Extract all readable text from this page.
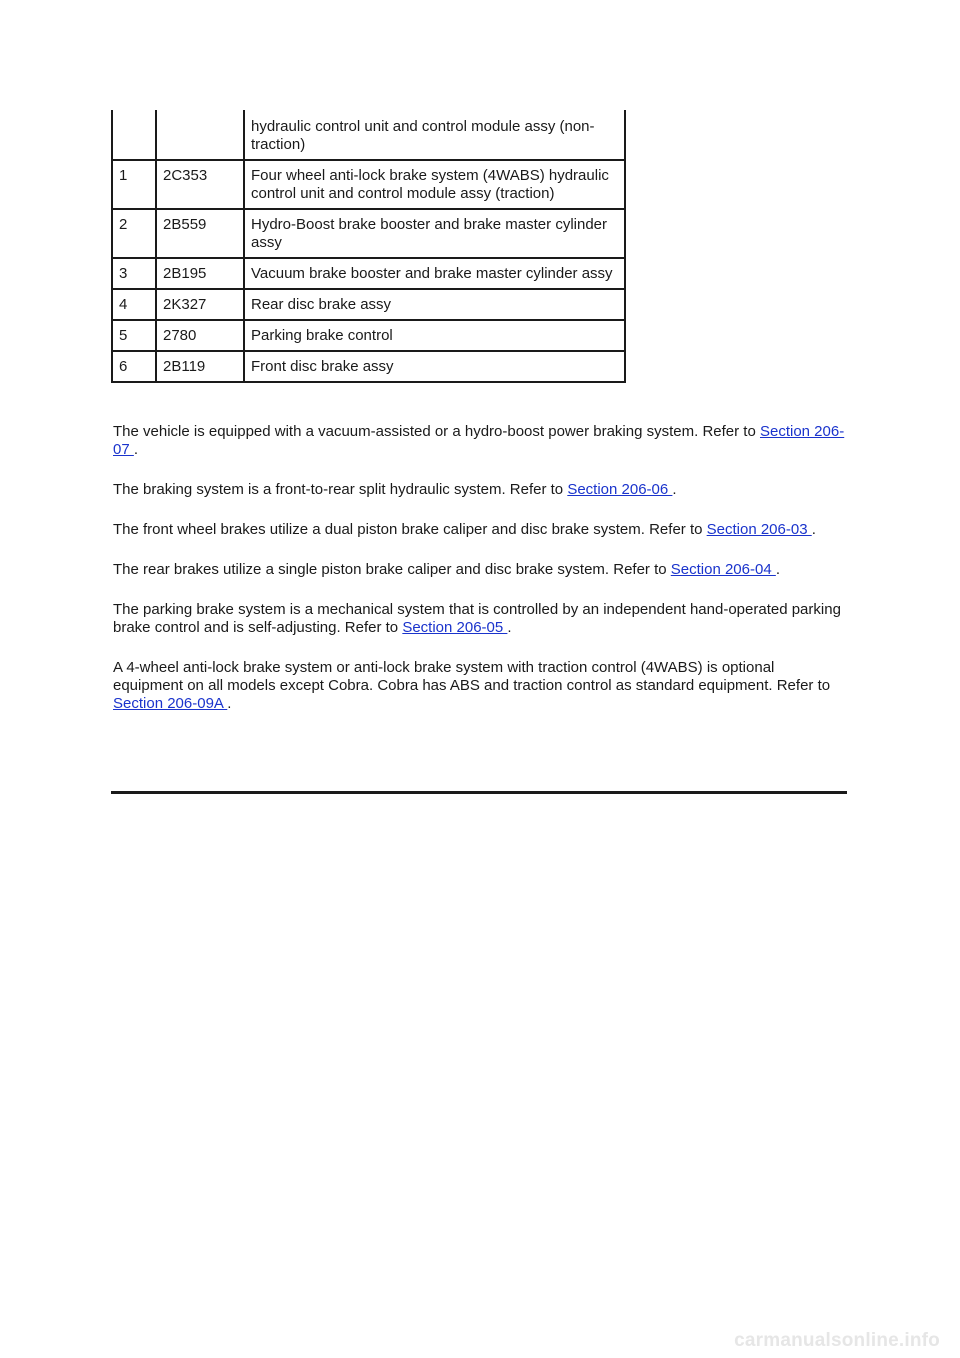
		hydraulic control unit and control module assy (non-traction)
1	2C353	Four wheel anti-lock brake system (4WABS) hydraulic control unit and control module assy (traction)
2	2B559	Hydro-Boost brake booster and brake master cylinder assy
3	2B195	Vacuum brake booster and brake master cylinder assy
4	2K327	Rear disc brake assy
5	2780	Parking brake control
6	2B119	Front disc brake assy

The vehicle is equipped with a vacuum-assisted or a hydro-boost power braking system. Refer to Section 206-07 .

The braking system is a front-to-rear split hydraulic system. Refer to Section 206-06 .

The front wheel brakes utilize a dual piston brake caliper and disc brake system. Refer to Section 206-03 .

The rear brakes utilize a single piston brake caliper and disc brake system. Refer to Section 206-04 .

The parking brake system is a mechanical system that is controlled by an independent hand-operated parking brake control and is self-adjusting. Refer to Section 206-05 .

A 4-wheel anti-lock brake system or anti-lock brake system with traction control (4WABS) is optional equipment on all models except Cobra. Cobra has ABS and traction control as standard equipment. Refer to Section 206-09A .

carmanualsonline.info
